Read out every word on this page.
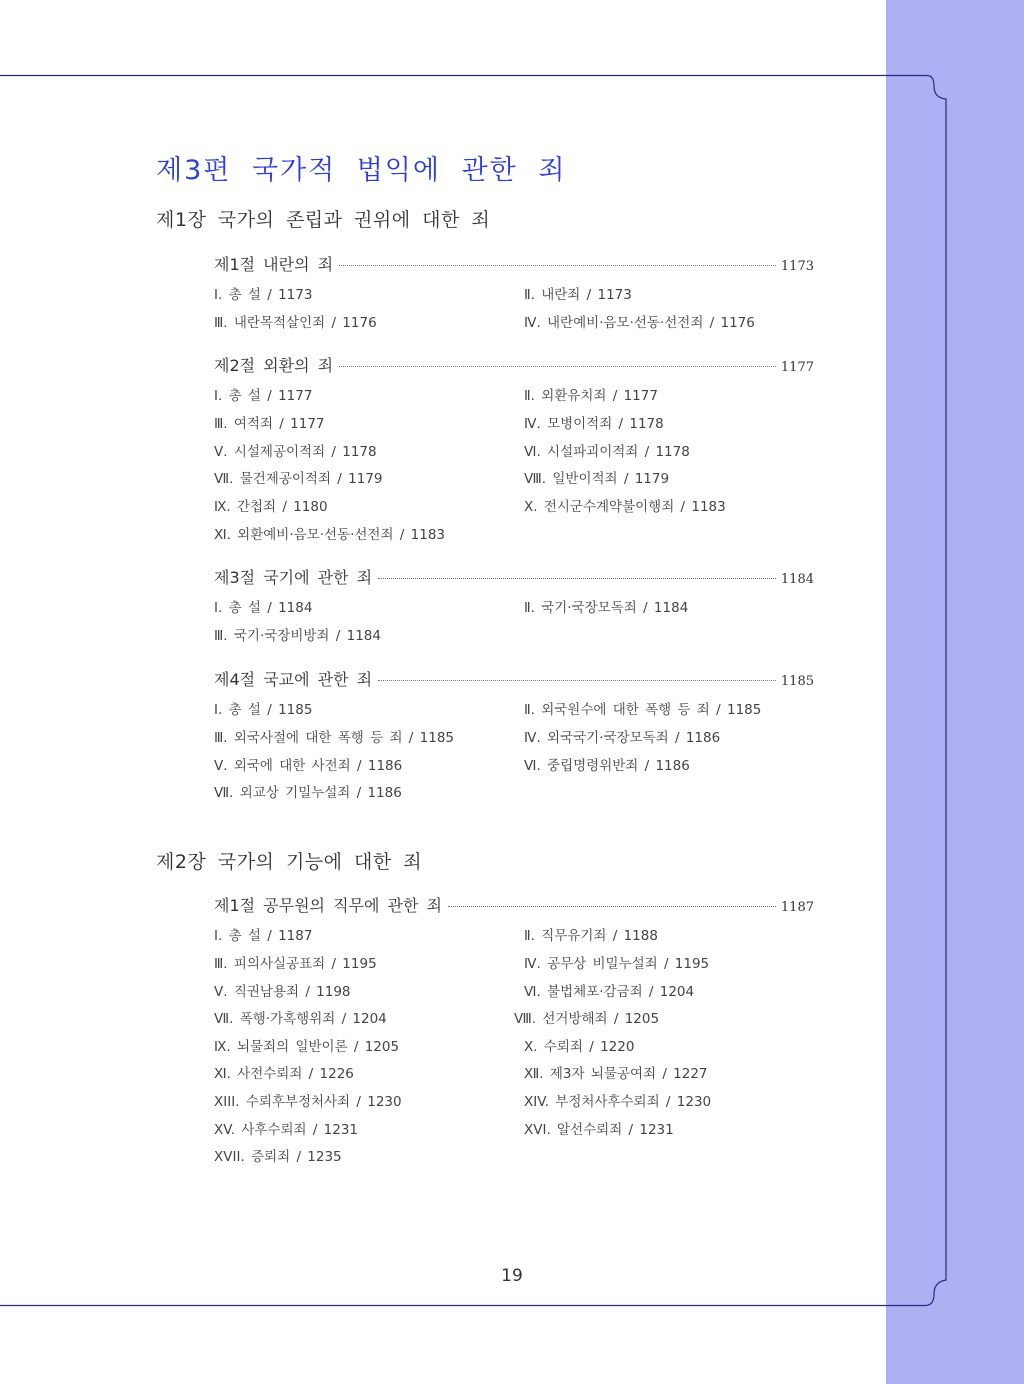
제3편 국가적 법익에 관한 죄
제1장 국가의 존립과 권위에 대한 죄
제1절 내란의 죄	1173
Ⅰ. 총 설 / 1173	Ⅱ. 내란죄 / 1173
Ⅲ. 내란목적살인죄 / 1176	Ⅳ. 내란예비·음모·선동·선전죄 / 1176
제2절 외환의 죄	1177
Ⅰ. 총 설 / 1177	Ⅱ. 외환유치죄 / 1177
Ⅲ. 여적죄 / 1177	Ⅳ. 모병이적죄 / 1178
Ⅴ. 시설제공이적죄 / 1178	Ⅵ. 시설파괴이적죄 / 1178
Ⅶ. 물건제공이적죄 / 1179	Ⅷ. 일반이적죄 / 1179
Ⅸ. 간첩죄 / 1180	Ⅹ. 전시군수계약불이행죄 / 1183
Ⅺ. 외환예비·음모·선동·선전죄 / 1183
제3절 국기에 관한 죄	1184
Ⅰ. 총 설 / 1184	Ⅱ. 국기·국장모독죄 / 1184
Ⅲ. 국기·국장비방죄 / 1184
제4절 국교에 관한 죄	1185
Ⅰ. 총 설 / 1185	Ⅱ. 외국원수에 대한 폭행 등 죄 / 1185
Ⅲ. 외국사절에 대한 폭행 등 죄 / 1185	Ⅳ. 외국국기·국장모독죄 / 1186
Ⅴ. 외국에 대한 사전죄 / 1186	Ⅵ. 중립명령위반죄 / 1186
Ⅶ. 외교상 기밀누설죄 / 1186
제2장 국가의 기능에 대한 죄
제1절 공무원의 직무에 관한 죄	1187
Ⅰ. 총 설 / 1187	Ⅱ. 직무유기죄 / 1188
Ⅲ. 피의사실공표죄 / 1195	Ⅳ. 공무상 비밀누설죄 / 1195
Ⅴ. 직권남용죄 / 1198	Ⅵ. 불법체포·감금죄 / 1204
Ⅶ. 폭행·가혹행위죄 / 1204	Ⅷ. 선거방해죄 / 1205
Ⅸ. 뇌물죄의 일반이론 / 1205	Ⅹ. 수뢰죄 / 1220
Ⅺ. 사전수뢰죄 / 1226	Ⅻ. 제3자 뇌물공여죄 / 1227
XIII. 수뢰후부정처사죄 / 1230	XIV. 부정처사후수뢰죄 / 1230
XV. 사후수뢰죄 / 1231	XVI. 알선수뢰죄 / 1231
XVII. 증뢰죄 / 1235
19
